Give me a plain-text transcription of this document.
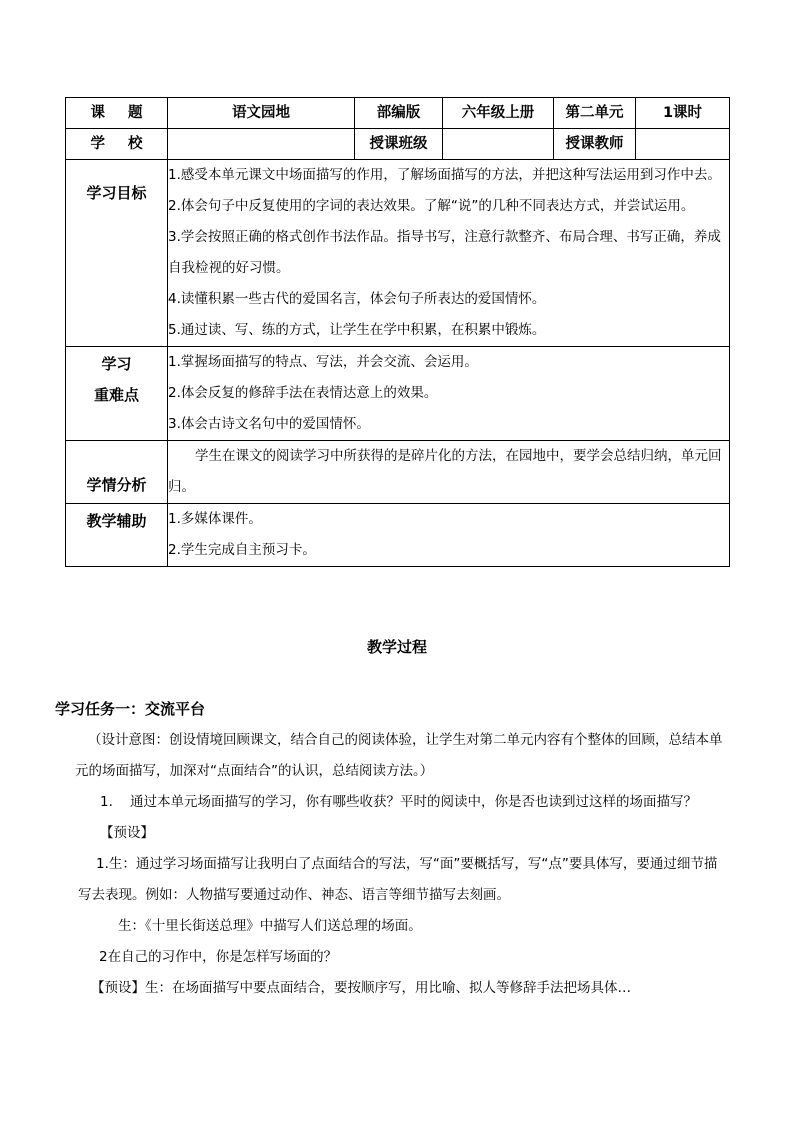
课 题	语文园地	部编版	六年级上册	第二单元	1课时
学 校		授课班级		授课教师	
学习目标	1.感受本单元课文中场面描写的作用，了解场面描写的方法，并把这种写法运用到习作中去。
2.体会句子中反复使用的字词的表达效果。了解“说”的几种不同表达方式，并尝试运用。
3.学会按照正确的格式创作书法作品。指导书写，注意行款整齐、布局合理、书写正确，养成自我检视的好习惯。
4.读懂积累一些古代的爱国名言，体会句子所表达的爱国情怀。
5.通过读、写、练的方式，让学生在学中积累，在积累中锻炼。				

学习
重难点	1.掌握场面描写的特点、写法，并会交流、会运用。
2.体会反复的修辞手法在表情达意上的效果。
3.体会古诗文名句中的爱国情怀。				

学情分析	学生在课文的阅读学习中所获得的是碎片化的方法，在园地中，要学会总结归纳，单元回归。				

教学辅助	1.多媒体课件。
2.学生完成自主预习卡。				
教学过程

学习任务一：交流平台

（设计意图：创设情境回顾课文，结合自己的阅读体验，让学生对第二单元内容有个整体的回顾，总结本单元的场面描写，加深对“点面结合”的认识，总结阅读方法。）

1. 通过本单元场面描写的学习，你有哪些收获？平时的阅读中，你是否也读到过这样的场面描写？

【预设】

1.生：通过学习场面描写让我明白了点面结合的写法，写“面”要概括写，写“点”要具体写，要通过细节描写去表现。例如：人物描写要通过动作、神态、语言等细节描写去刻画。

生：《十里长街送总理》中描写人们送总理的场面。

2在自己的习作中，你是怎样写场面的？

【预设】生：在场面描写中要点面结合，要按顺序写，用比喻、拟人等修辞手法把场具体…
